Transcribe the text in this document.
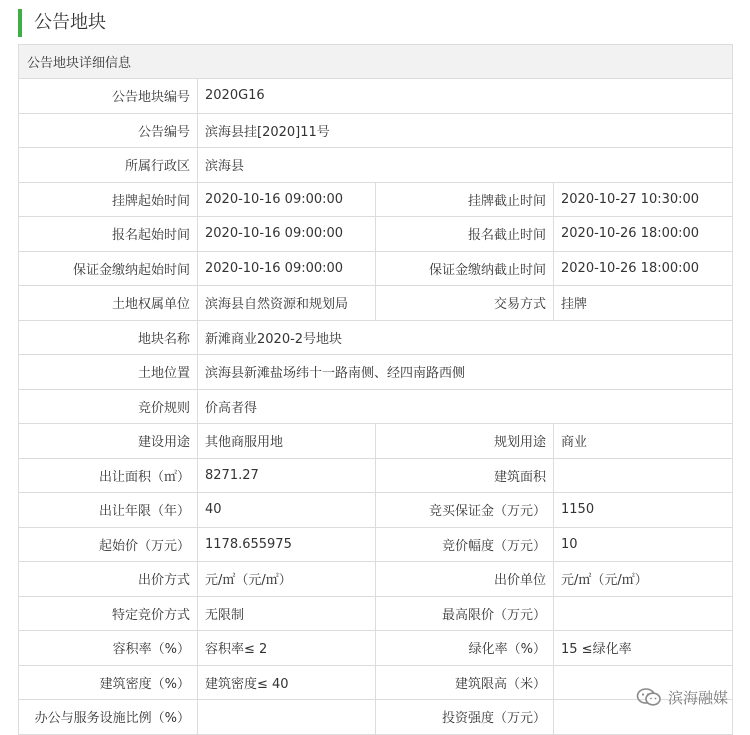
公告地块
公告地块详细信息			
公告地块编号	2020G16		
公告编号	滨海县挂[2020]11号		
所属行政区	滨海县		
挂牌起始时间	2020-10-16 09:00:00	挂牌截止时间	2020-10-27 10:30:00
报名起始时间	2020-10-16 09:00:00	报名截止时间	2020-10-26 18:00:00
保证金缴纳起始时间	2020-10-16 09:00:00	保证金缴纳截止时间	2020-10-26 18:00:00
土地权属单位	滨海县自然资源和规划局	交易方式	挂牌
地块名称	新滩商业2020-2号地块		
土地位置	滨海县新滩盐场纬十一路南侧、经四南路西侧		
竞价规则	价高者得		
建设用途	其他商服用地	规划用途	商业
出让面积（㎡）	8271.27	建筑面积	
出让年限（年）	40	竞买保证金（万元）	1150
起始价（万元）	1178.655975	竞价幅度（万元）	10
出价方式	元/㎡（元/㎡）	出价单位	元/㎡（元/㎡）
特定竞价方式	无限制	最高限价（万元）	
容积率（%）	容积率≤ 2	绿化率（%）	15 ≤绿化率
建筑密度（%）	建筑密度≤ 40	建筑限高（米）	
办公与服务设施比例（%）		投资强度（万元）	
滨海融媒
